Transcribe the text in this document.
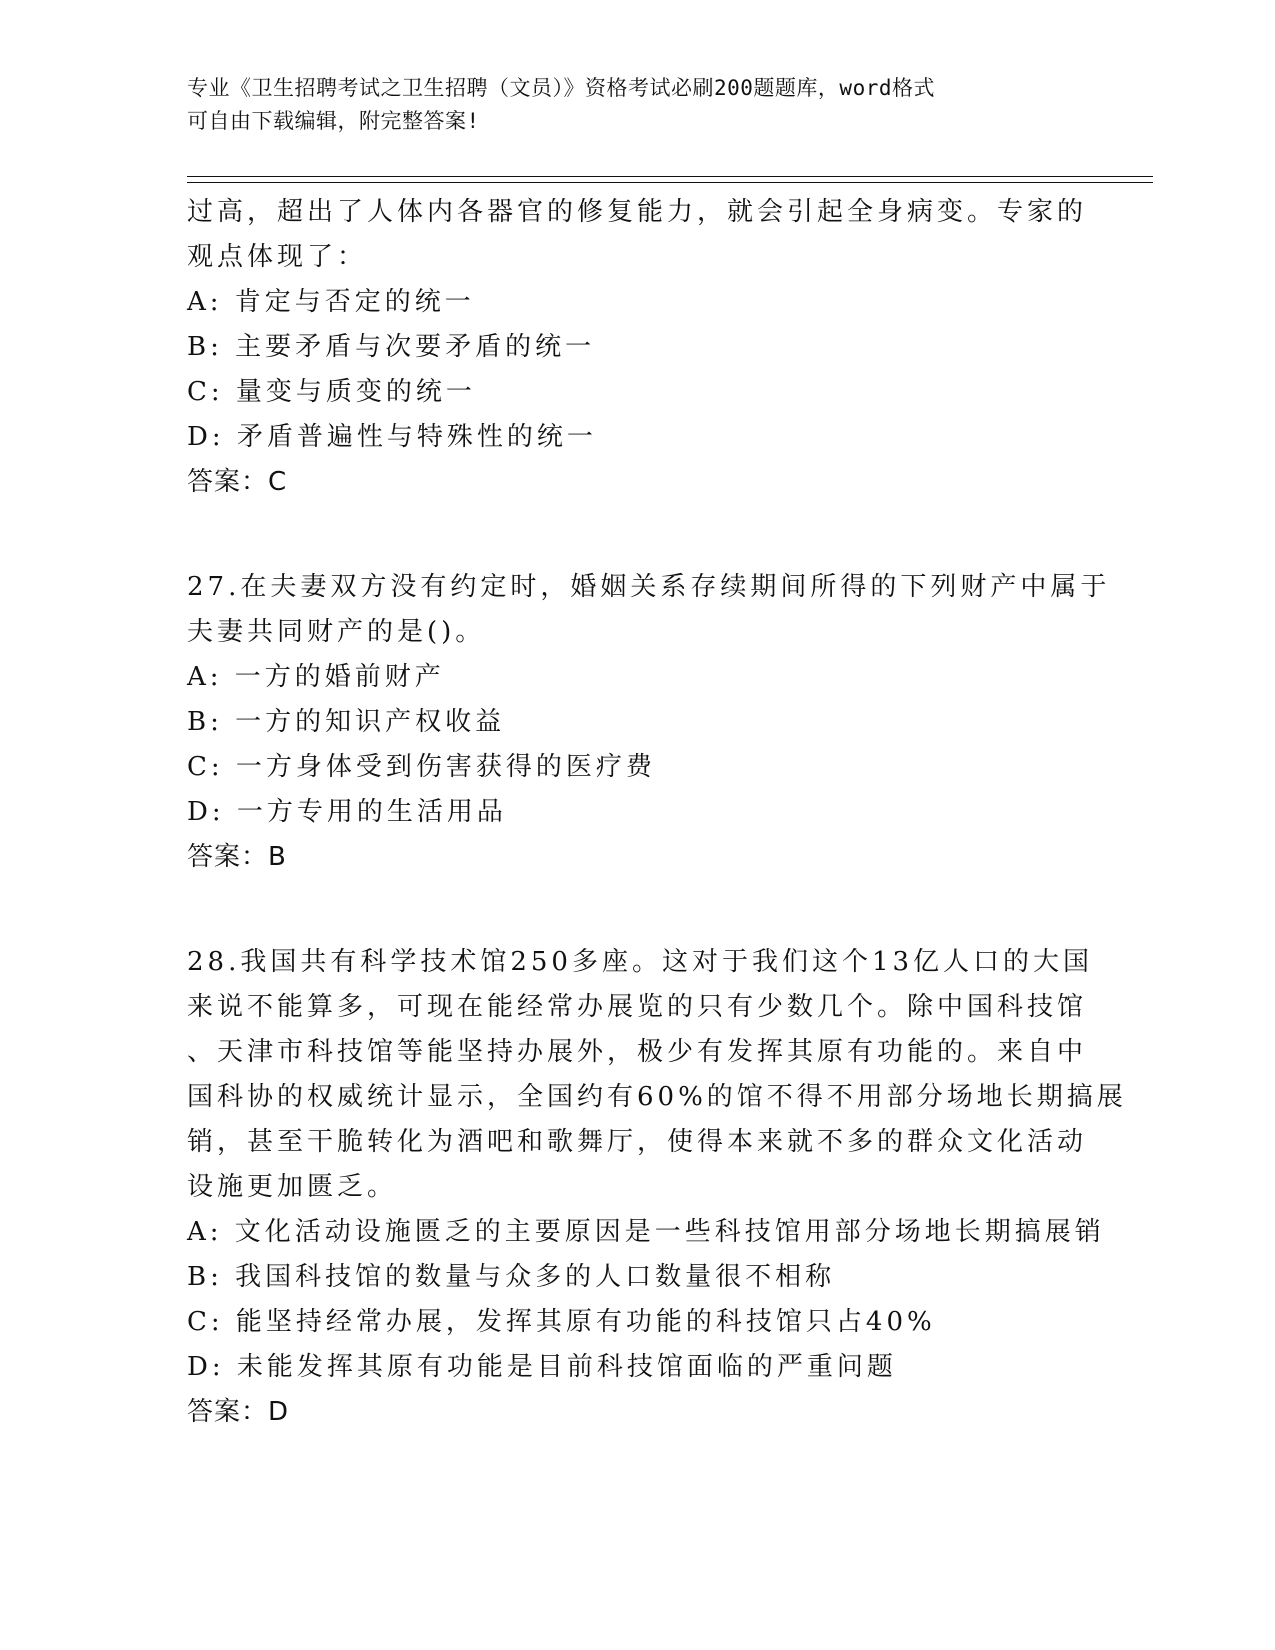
专业《卫生招聘考试之卫生招聘（文员）》资格考试必刷200题题库，word格式
可自由下载编辑，附完整答案!
过高，超出了人体内各器官的修复能力，就会引起全身病变。专家的
观点体现了：
A: 肯定与否定的统一
B: 主要矛盾与次要矛盾的统一
C: 量变与质变的统一
D: 矛盾普遍性与特殊性的统一
答案：C
27.在夫妻双方没有约定时，婚姻关系存续期间所得的下列财产中属于
夫妻共同财产的是()。
A: 一方的婚前财产
B: 一方的知识产权收益
C: 一方身体受到伤害获得的医疗费
D: 一方专用的生活用品
答案：B
28.我国共有科学技术馆250多座。这对于我们这个13亿人口的大国
来说不能算多，可现在能经常办展览的只有少数几个。除中国科技馆
、天津市科技馆等能坚持办展外，极少有发挥其原有功能的。来自中
国科协的权威统计显示，全国约有60%的馆不得不用部分场地长期搞展
销，甚至干脆转化为酒吧和歌舞厅，使得本来就不多的群众文化活动
设施更加匮乏。
A: 文化活动设施匮乏的主要原因是一些科技馆用部分场地长期搞展销
B: 我国科技馆的数量与众多的人口数量很不相称
C: 能坚持经常办展，发挥其原有功能的科技馆只占40%
D: 未能发挥其原有功能是目前科技馆面临的严重问题
答案：D
